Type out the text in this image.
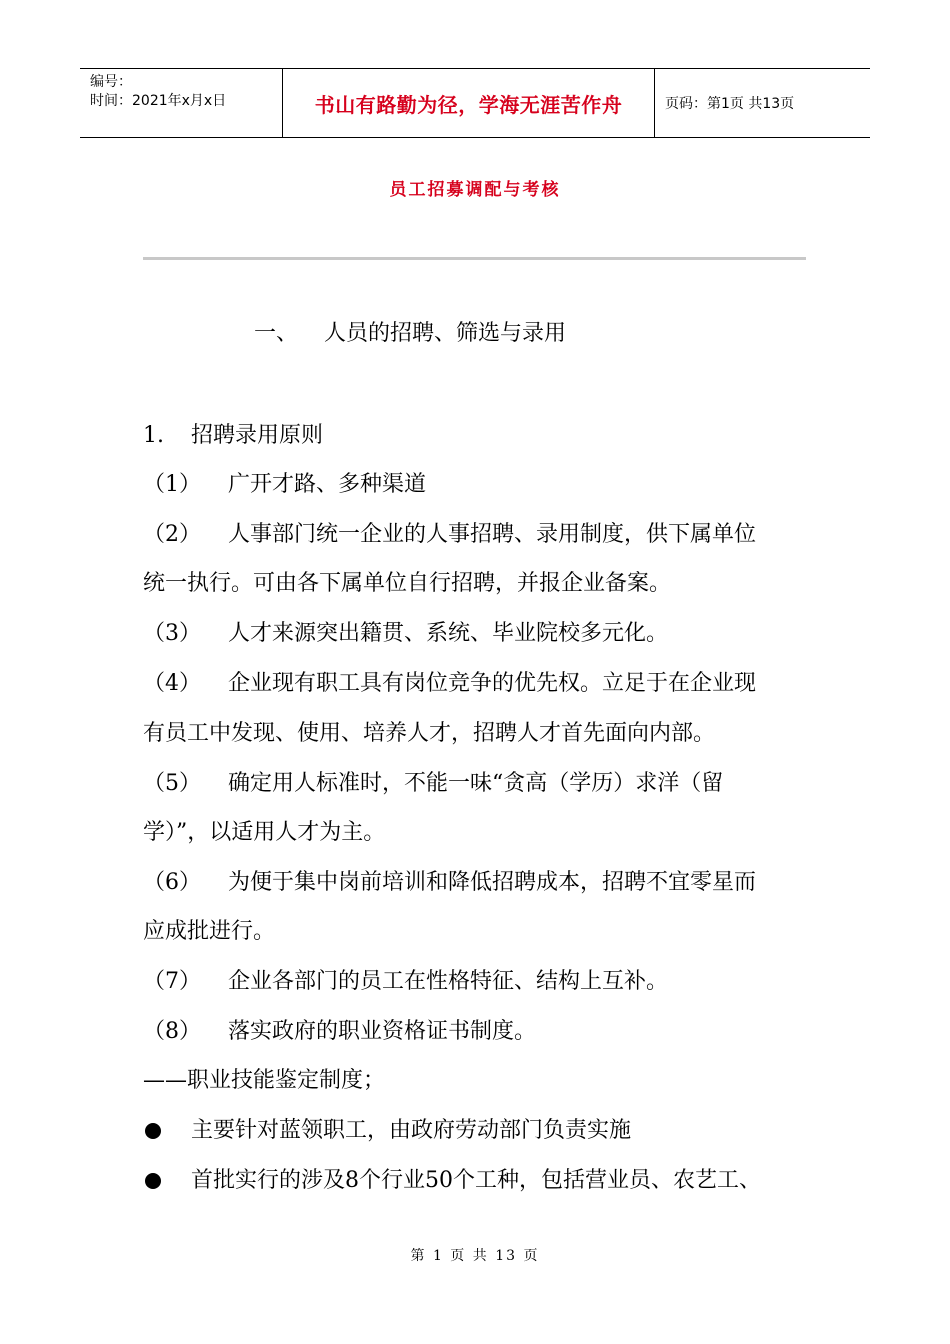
编号：
时间：2021年x月x日	书山有路勤为径，学海无涯苦作舟	页码：第1页 共13页
员工招募调配与考核
一、 人员的招聘、筛选与录用
1. 招聘录用原则
（1） 广开才路、多种渠道
（2） 人事部门统一企业的人事招聘、录用制度，供下属单位
统一执行。可由各下属单位自行招聘，并报企业备案。
（3） 人才来源突出籍贯、系统、毕业院校多元化。
（4） 企业现有职工具有岗位竞争的优先权。立足于在企业现
有员工中发现、使用、培养人才，招聘人才首先面向内部。
（5） 确定用人标准时，不能一味“贪高（学历）求洋（留
学）”，以适用人才为主。
（6） 为便于集中岗前培训和降低招聘成本，招聘不宜零星而
应成批进行。
（7） 企业各部门的员工在性格特征、结构上互补。
（8） 落实政府的职业资格证书制度。
——职业技能鉴定制度；
主要针对蓝领职工，由政府劳动部门负责实施
首批实行的涉及8个行业50个工种，包括营业员、农艺工、
第 1 页 共 13 页
